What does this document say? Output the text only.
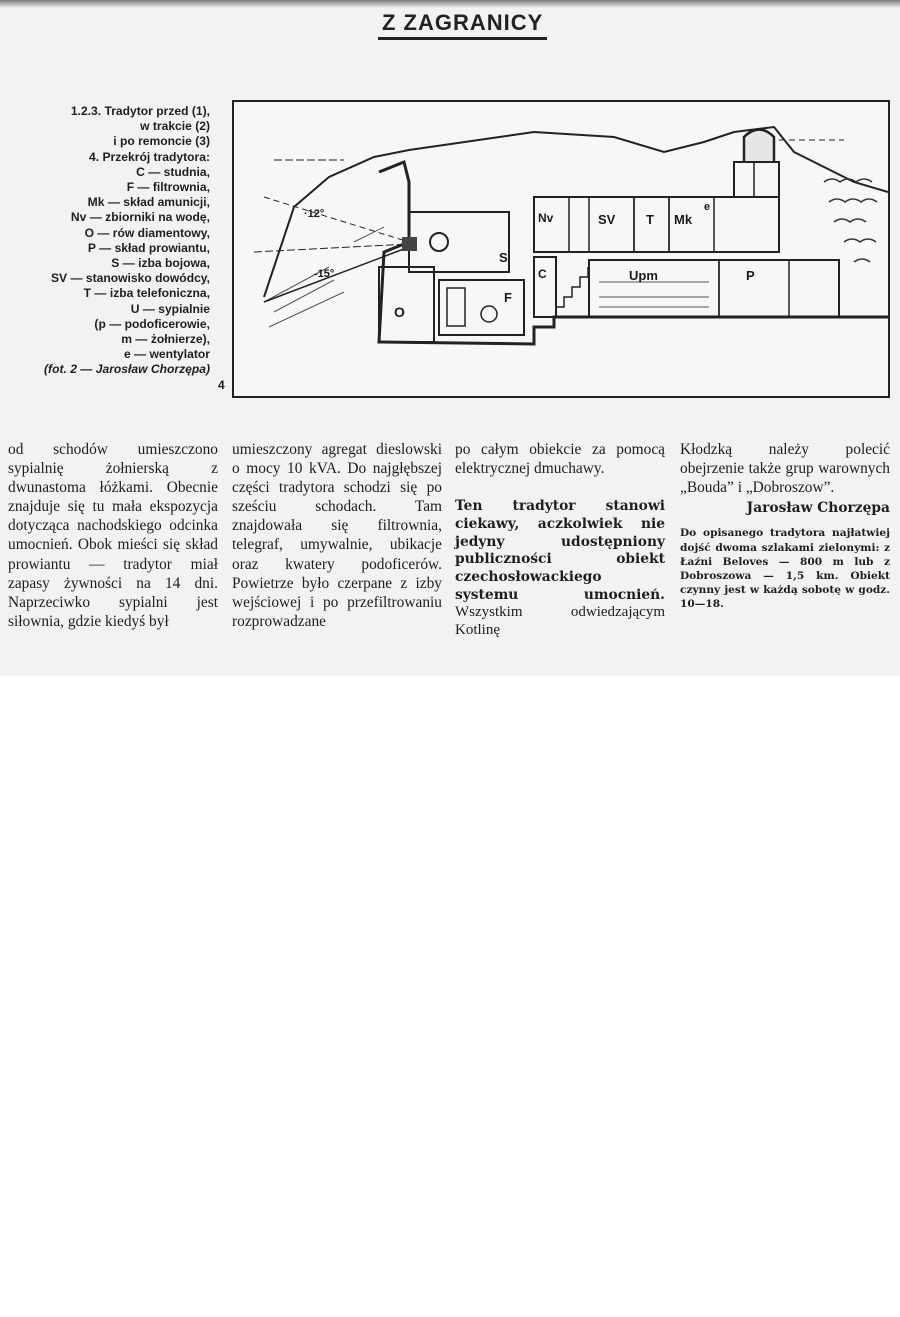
Z ZAGRANICY
1.2.3. Tradytor przed (1),
w trakcie (2)
i po remoncie (3)
4. Przekrój tradytora:
C — studnia,
F — filtrownia,
Mk — skład amunicji,
Nv — zbiorniki na wodę,
O — rów diamentowy,
P — skład prowiantu,
S — izba bojowa,
SV — stanowisko dowódcy,
T — izba telefoniczna,
U — sypialnie
(p — podoficerowie,
m — żołnierze),
e — wentylator
(fot. 2 — Jarosław Chorzępa)
4
·12°
-15°
O
S
F
C
Nv	SV T Mk
e
Upm	P

od schodów umieszczono sypialnię żołnierską z dwunastoma łóżkami. Obecnie znajduje się tu mała ekspozycja dotycząca nachodskiego odcinka umocnień. Obok mieści się skład prowiantu — tradytor miał zapasy żywności na 14 dni. Naprzeciwko sypialni jest siłownia, gdzie kiedyś był

umieszczony agregat dieslowski o mocy 10 kVA. Do najgłębszej części tradytora schodzi się po sześciu schodach. Tam znajdowała się filtrownia, telegraf, umywalnie, ubikacje oraz kwatery podoficerów. Powietrze było czerpane z izby wejściowej i po przefiltrowaniu rozprowadzane

po całym obiekcie za pomocą elektrycznej dmuchawy.

Ten tradytor stanowi ciekawy, aczkolwiek nie jedyny udostępniony publiczności obiekt czechosłowackiego systemu umocnień. Wszystkim odwiedzającym Kotlinę

Kłodzką należy polecić obejrzenie także grup warownych „Bouda” i „Dobroszow”.

Jarosław Chorzępa

Do opisanego tradytora najłatwiej dojść dwoma szlakami zielonymi: z Łaźni Beloves — 800 m lub z Dobroszowa — 1,5 km. Obiekt czynny jest w każdą sobotę w godz. 10—18.
